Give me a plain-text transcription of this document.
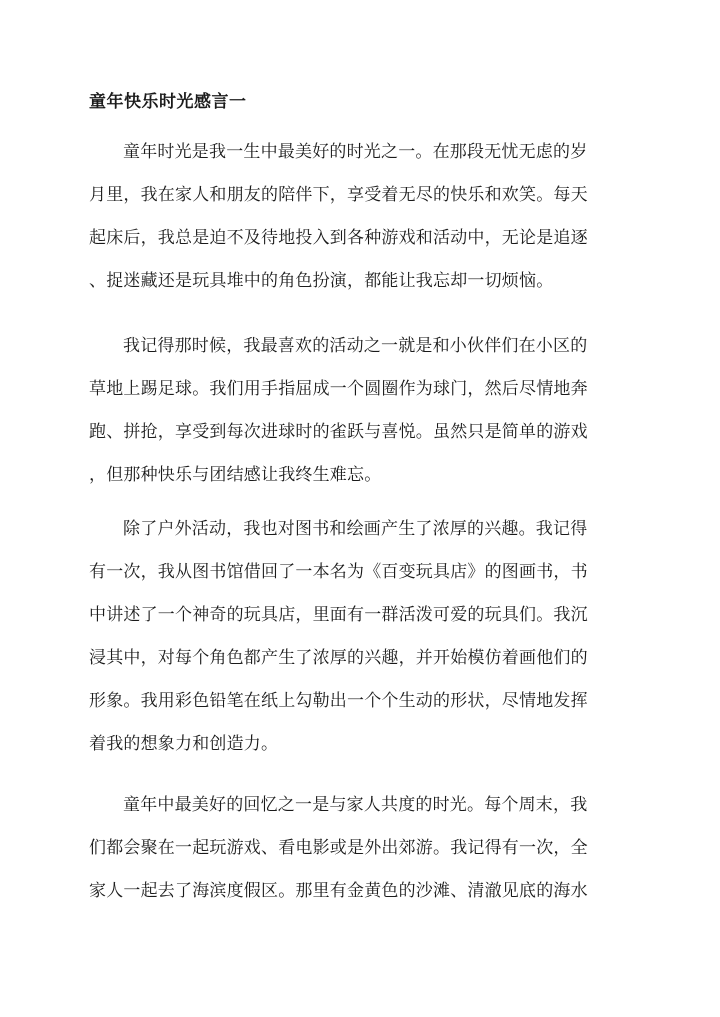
童年快乐时光感言一
童年时光是我一生中最美好的时光之一。在那段无忧无虑的岁
月里，我在家人和朋友的陪伴下，享受着无尽的快乐和欢笑。每天
起床后，我总是迫不及待地投入到各种游戏和活动中，无论是追逐
、捉迷藏还是玩具堆中的角色扮演，都能让我忘却一切烦恼。
我记得那时候，我最喜欢的活动之一就是和小伙伴们在小区的
草地上踢足球。我们用手指屈成一个圆圈作为球门，然后尽情地奔
跑、拼抢，享受到每次进球时的雀跃与喜悦。虽然只是简单的游戏
，但那种快乐与团结感让我终生难忘。
除了户外活动，我也对图书和绘画产生了浓厚的兴趣。我记得
有一次，我从图书馆借回了一本名为《百变玩具店》的图画书，书
中讲述了一个神奇的玩具店，里面有一群活泼可爱的玩具们。我沉
浸其中，对每个角色都产生了浓厚的兴趣，并开始模仿着画他们的
形象。我用彩色铅笔在纸上勾勒出一个个生动的形状，尽情地发挥
着我的想象力和创造力。
童年中最美好的回忆之一是与家人共度的时光。每个周末，我
们都会聚在一起玩游戏、看电影或是外出郊游。我记得有一次，全
家人一起去了海滨度假区。那里有金黄色的沙滩、清澈见底的海水
